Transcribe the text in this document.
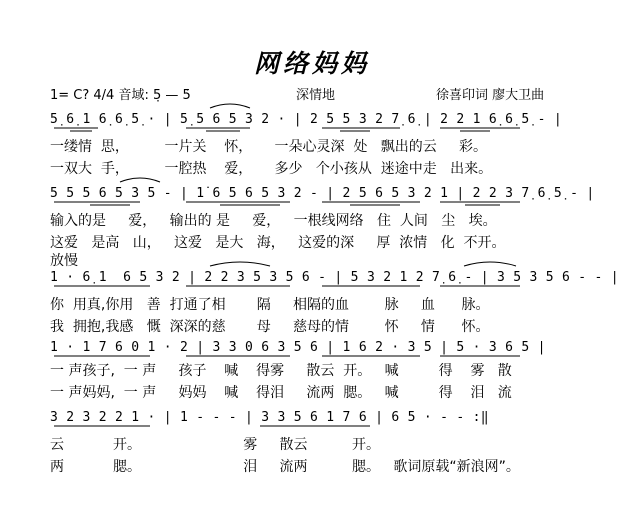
网络妈妈
1= C? 4/4 音域: 5̣ — 5̇	深情地	徐喜印词 廖大卫曲
5̣ 6̣ 1 6̣ 6̣ 5̣ · | 5̣ 5 6 5 3 2 · | 2 5 5 3 2 7̣ 6̣ | 2 2 1 6̣ 6̣ 5̣ - |
一缕情  思，        一片关    怀，     一朵心灵深  处   飘出的云     彩。
一双大  手，        一腔热    爱，     多少   个小孩从  迷途中走   出来。
5 5 5 6 5 3 5 - | 1̇ 6 5 6 5 3 2 - | 2 5 6 5 3 2 1 | 2 2 3 7̣ 6̣ 5̣ - |
输入的是     爱，   输出的 是     爱，   一根线网络   住  人间   尘   埃。
这爱   是高   山，   这爱   是大   海，   这爱的深     厚  浓情   化  不开。
放慢
1 · 6̣ 1  6 5 3 2 | 2 2 3 5 3 5 6 - | 5 3 2 1 2 7̣ 6̣ - | 3 5 3 5 6 - - |
你  用真,你用   善  打通了相       隔     相隔的血        脉     血      脉。
我  拥抱,我感   慨  深深的慈       母     慈母的情        怀     情      怀。
1 · 1 7 6 0 1 · 2 | 3 3 0 6 3 5 6 | 1 6 2 · 3 5 | 5 · 3 6 5 |
一 声孩子,  一 声     孩子    喊    得雾     散云  开。   喊         得    雾   散
一 声妈妈,  一 声     妈妈    喊    得泪     流两  腮。   喊         得    泪   流
3 2 3 2 2 1 · | 1 - - - | 3 3 5 6 1 7 6 | 6 5 · - - :‖
云           开。                       雾     散云          开。
两           腮。                       泪     流两          腮。   歌词原载“新浪网”。
